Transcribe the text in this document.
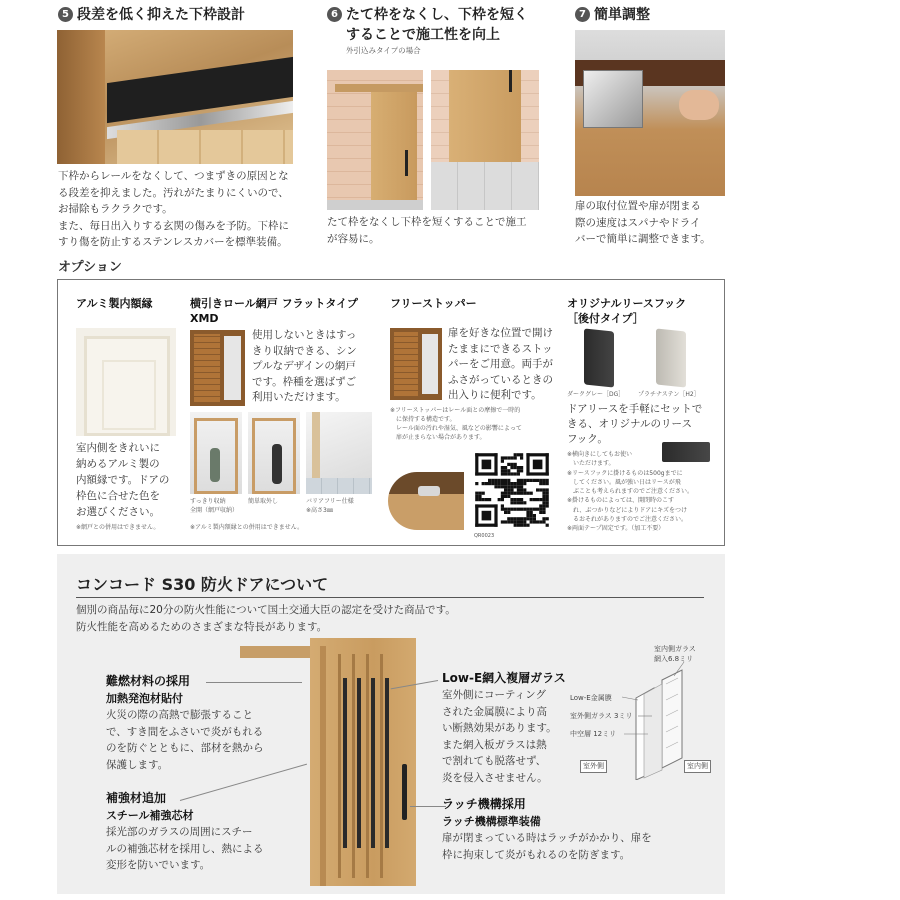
5 段差を低く抑えた下枠設計
下枠からレールをなくして、つまずきの原因とな
る段差を抑えました。汚れがたまりにくいので、
お掃除もラクラクです。
また、毎日出入りする玄関の傷みを予防。下枠に
すり傷を防止するステンレスカバーを標準装備。
6 たて枠をなくし、下枠を短く
することで施工性を向上
外引込みタイプの場合
たて枠をなくし下枠を短くすることで施工
が容易に。
7 簡単調整
扉の取付位置や扉が閉まる
際の速度はスパナやドライ
バーで簡単に調整できます。
オプション
アルミ製内額縁
室内側をきれいに
納めるアルミ製の
内額縁です。ドアの
枠色に合せた色を
お選びください。
※網戸との併用はできません。
横引きロール網戸 フラットタイプ
XMD
使用しないときはすっ
きり収納できる、シン
プルなデザインの網戸
です。枠種を選ばずご
利用いただけます。
すっきり収納
全開（網戸収納）
簡単取外し	バリアフリー仕様
※高さ3㎜
※アルミ製内額縁との併用はできません。
フリーストッパー
扉を好きな位置で開け
たままにできるストッ
パーをご用意。両手が
ふさがっているときの
出入りに便利です。
※フリーストッパーはレール面との摩擦で一時的
　に保持する構造です。
　レール面の汚れや湿気、風などの影響によって
　扉が止まらない場合があります。
QR0023
オリジナルリースフック
［後付タイプ］
ダークグレー［DG］ プラチナステン［H2］
ドアリースを手軽にセットで
きる、オリジナルのリース
フック。
※横向きにしてもお使い
　いただけます。
※リースフックに掛けるものは500gまでに
　してください。風が強い日はリースが飛
　ぶことも考えられますのでご注意ください。
※掛けるものによっては、開閉時のこす
　れ、ぶつかりなどによりドアにキズをつけ
　るおそれがありますのでご注意ください。
※両面テープ固定です。（加工不要）
コンコード S30 防火ドアについて
個別の商品毎に20分の防火性能について国土交通大臣の認定を受けた商品です。
防火性能を高めるためのさまざまな特長があります。
難燃材料の採用
加熱発泡材貼付
火災の際の高熱で膨張すること
で、すき間をふさいで炎がもれる
のを防ぐとともに、部材を熱から
保護します。
補強材追加
スチール補強芯材
採光部のガラスの周囲にスチー
ルの補強芯材を採用し、熱による
変形を防いでいます。
Low-E網入複層ガラス
室外側にコーティング
された金属膜により高
い断熱効果があります。
また網入板ガラスは熱
で割れても脱落せず、
炎を侵入させません。
ラッチ機構採用
ラッチ機構標準装備
扉が閉まっている時はラッチがかかり、扉を
枠に拘束して炎がもれるのを防ぎます。
室内側ガラス
網入6.8ミリ
Low-E金属膜
室外側ガラス 3ミリ
中空層 12ミリ
室外側	室内側
